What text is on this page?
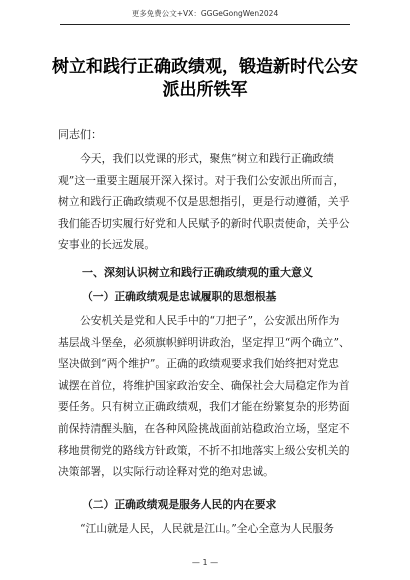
更多免费公文+VX：GGGeGongWen2024
树立和践行正确政绩观，锻造新时代公安
派出所铁军
同志们：

今天，我们以党课的形式，聚焦“树立和践行正确政绩
观”这一重要主题展开深入探讨。对于我们公安派出所而言，
树立和践行正确政绩观不仅是思想指引，更是行动遵循，关乎
我们能否切实履行好党和人民赋予的新时代职责使命，关乎公
安事业的长远发展。

一、深刻认识树立和践行正确政绩观的重大意义
（一）正确政绩观是忠诚履职的思想根基

公安机关是党和人民手中的“刀把子”，公安派出所作为
基层战斗堡垒，必须旗帜鲜明讲政治，坚定捍卫“两个确立”、
坚决做到“两个维护”。正确的政绩观要求我们始终把对党忠
诚摆在首位，将维护国家政治安全、确保社会大局稳定作为首
要任务。只有树立正确政绩观，我们才能在纷繁复杂的形势面
前保持清醒头脑，在各种风险挑战面前站稳政治立场，坚定不
移地贯彻党的路线方针政策，不折不扣地落实上级公安机关的
决策部署，以实际行动诠释对党的绝对忠诚。

（二）正确政绩观是服务人民的内在要求

“江山就是人民，人民就是江山。”全心全意为人民服务

— 1 —
